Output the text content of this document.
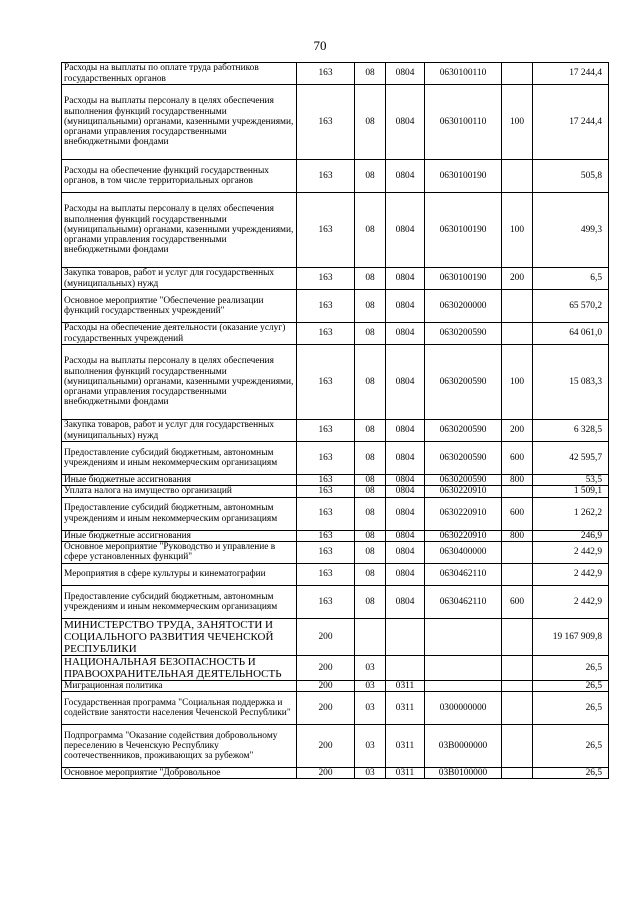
70
Расходы на выплаты по оплате труда работников государственных органов	163	08	0804	0630100110		17 244,4
Расходы на выплаты персоналу в целях обеспечения выполнения функций государственными (муниципальными) органами, казенными учреждениями, органами управления государственными внебюджетными фондами	163	08	0804	0630100110	100	17 244,4
Расходы на обеспечение функций государственных органов, в том числе территориальных органов	163	08	0804	0630100190		505,8
Расходы на выплаты персоналу в целях обеспечения выполнения функций государственными (муниципальными) органами, казенными учреждениями, органами управления государственными внебюджетными фондами	163	08	0804	0630100190	100	499,3
Закупка товаров, работ и услуг для государственных (муниципальных) нужд	163	08	0804	0630100190	200	6,5
Основное мероприятие "Обеспечение реализации функций государственных учреждений"	163	08	0804	0630200000		65 570,2
Расходы на обеспечение деятельности (оказание услуг) государственных учреждений	163	08	0804	0630200590		64 061,0
Расходы на выплаты персоналу в целях обеспечения выполнения функций государственными (муниципальными) органами, казенными учреждениями, органами управления государственными внебюджетными фондами	163	08	0804	0630200590	100	15 083,3
Закупка товаров, работ и услуг для государственных (муниципальных) нужд	163	08	0804	0630200590	200	6 328,5
Предоставление субсидий бюджетным, автономным учреждениям и иным некоммерческим организациям	163	08	0804	0630200590	600	42 595,7
Иные бюджетные ассигнования	163	08	0804	0630200590	800	53,5
Уплата налога на имущество организаций	163	08	0804	0630220910		1 509,1
Предоставление субсидий бюджетным, автономным учреждениям и иным некоммерческим организациям	163	08	0804	0630220910	600	1 262,2
Иные бюджетные ассигнования	163	08	0804	0630220910	800	246,9
Основное мероприятие "Руководство и управление в сфере установленных функций"	163	08	0804	0630400000		2 442,9
Мероприятия в сфере культуры и кинематографии	163	08	0804	0630462110		2 442,9
Предоставление субсидий бюджетным, автономным учреждениям и иным некоммерческим организациям	163	08	0804	0630462110	600	2 442,9
МИНИСТЕРСТВО ТРУДА, ЗАНЯТОСТИ И СОЦИАЛЬНОГО РАЗВИТИЯ ЧЕЧЕНСКОЙ РЕСПУБЛИКИ	200					19 167 909,8
НАЦИОНАЛЬНАЯ БЕЗОПАСНОСТЬ И ПРАВООХРАНИТЕЛЬНАЯ ДЕЯТЕЛЬНОСТЬ	200	03				26,5
Миграционная политика	200	03	0311			26,5
Государственная программа "Социальная поддержка и содействие занятости населения Чеченской Республики"	200	03	0311	0300000000		26,5
Подпрограмма "Оказание содействия добровольному переселению в Чеченскую Республику соотечественников, проживающих за рубежом"	200	03	0311	03В0000000		26,5
Основное мероприятие "Добровольное	200	03	0311	03В0100000		26,5
